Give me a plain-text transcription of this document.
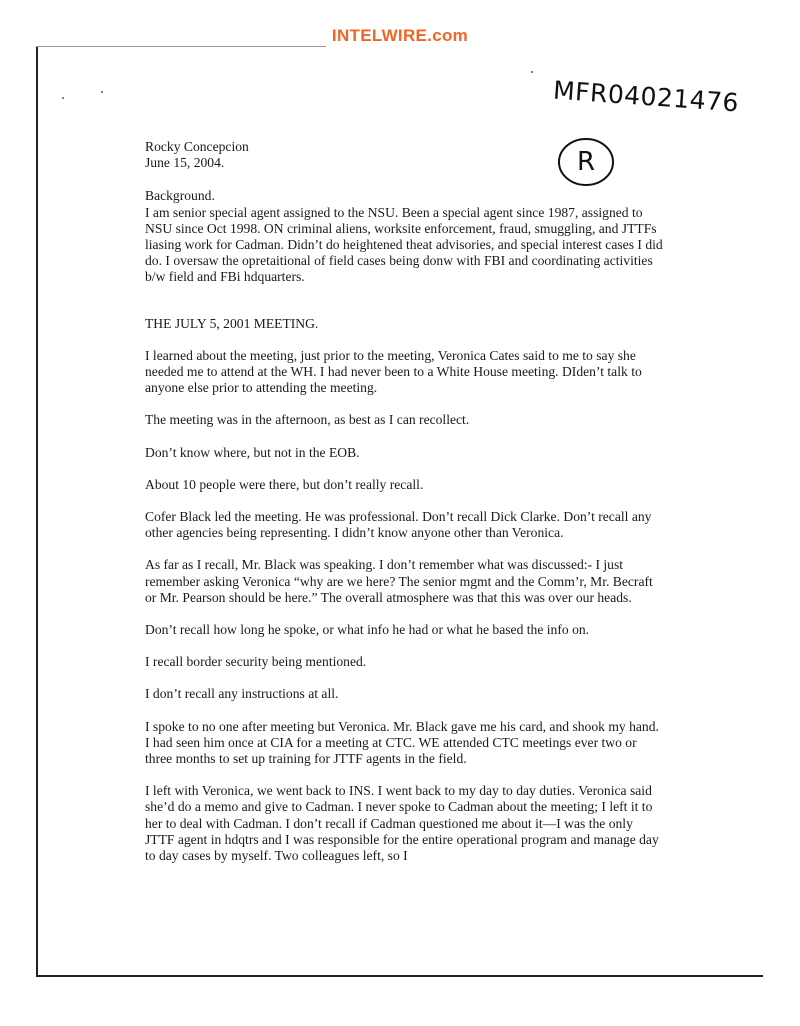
INTELWIRE.com
MFR04021476
R

Rocky Concepcion

June 15, 2004.

Background.

I am senior special agent assigned to the NSU. Been a special agent since 1987, assigned to NSU since Oct 1998. ON criminal aliens, worksite enforcement, fraud, smuggling, and JTTFs liasing work for Cadman. Didn’t do heightened theat advisories, and special interest cases I did do. I oversaw the opretaitional of field cases being donw with FBI and coordinating activities b/w field and FBi hdquarters.

THE JULY 5, 2001 MEETING.

I learned about the meeting, just prior to the meeting, Veronica Cates said to me to say she needed me to attend at the WH. I had never been to a White House meeting. DIden’t talk to anyone else prior to attending the meeting.

The meeting was in the afternoon, as best as I can recollect.

Don’t know where, but not in the EOB.

About 10 people were there, but don’t really recall.

Cofer Black led the meeting. He was professional. Don’t recall Dick Clarke. Don’t recall any other agencies being representing. I didn’t know anyone other than Veronica.

As far as I recall, Mr. Black was speaking. I don’t remember what was discussed:- I just remember asking Veronica “why are we here? The senior mgmt and the Comm’r, Mr. Becraft or Mr. Pearson should be here.” The overall atmosphere was that this was over our heads.

Don’t recall how long he spoke, or what info he had or what he based the info on.

I recall border security being mentioned.

I don’t recall any instructions at all.

I spoke to no one after meeting but Veronica. Mr. Black gave me his card, and shook my hand. I had seen him once at CIA for a meeting at CTC. WE attended CTC meetings ever two or three months to set up training for JTTF agents in the field.

I left with Veronica, we went back to INS. I went back to my day to day duties. Veronica said she’d do a memo and give to Cadman. I never spoke to Cadman about the meeting; I left it to her to deal with Cadman. I don’t recall if Cadman questioned me about it—I was the only JTTF agent in hdqtrs and I was responsible for the entire operational program and manage day to day cases by myself. Two colleagues left, so I
